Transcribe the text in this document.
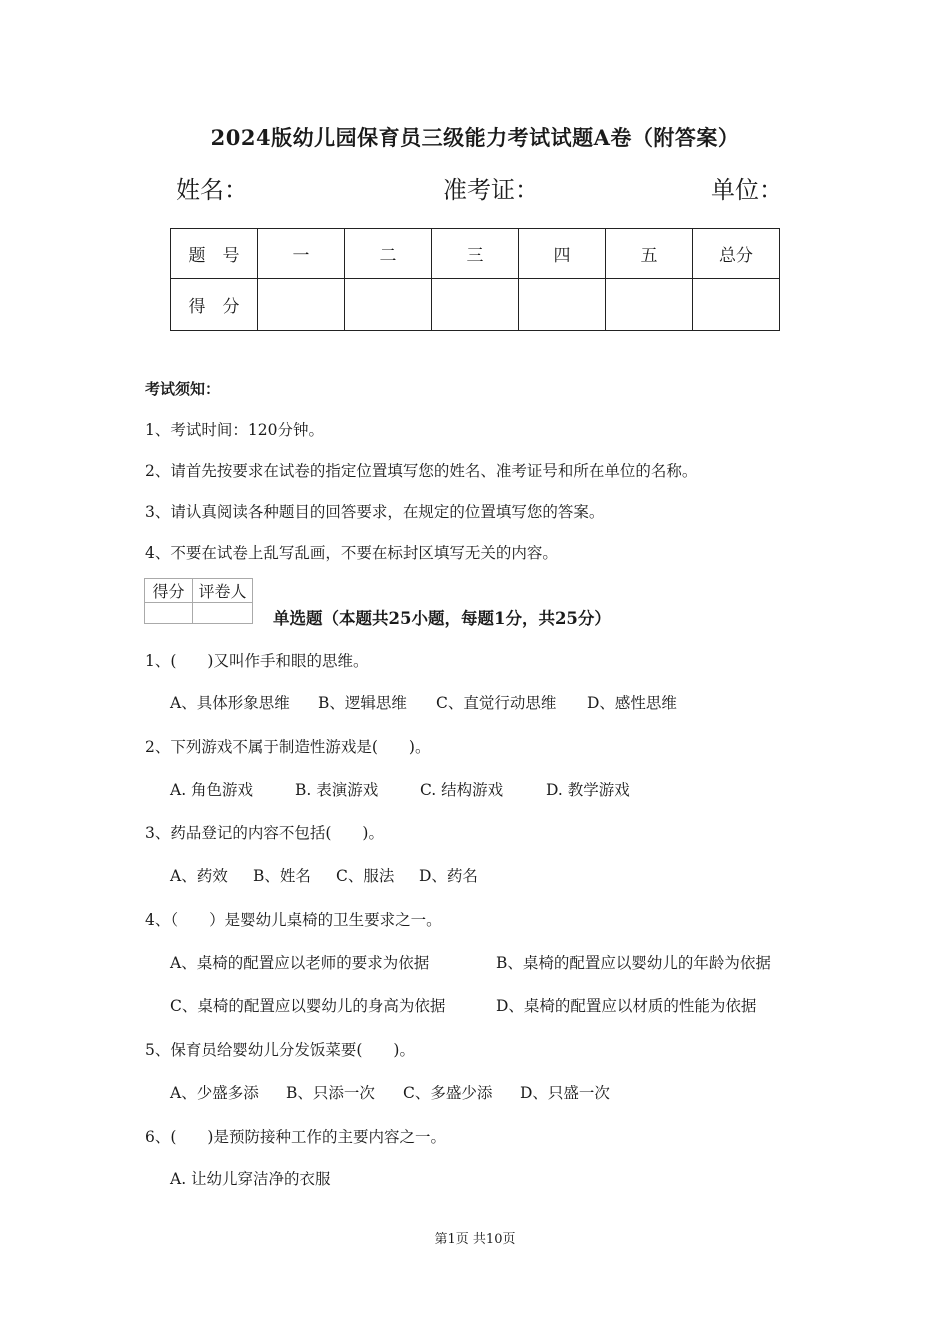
2024版幼儿园保育员三级能力考试试题A卷（附答案）
姓名：	准考证：	单位：
题　号	一	二	三	四	五	总分
得　分						
考试须知：
1、考试时间：120分钟。
2、请首先按要求在试卷的指定位置填写您的姓名、准考证号和所在单位的名称。
3、请认真阅读各种题目的回答要求，在规定的位置填写您的答案。
4、不要在试卷上乱写乱画，不要在标封区填写无关的内容。
得分	评卷人

单选题（本题共25小题，每题1分，共25分）
1、(　　)又叫作手和眼的思维。
A、具体形象思维 B、逻辑思维 C、直觉行动思维 D、感性思维
2、下列游戏不属于制造性游戏是(　　)。
A. 角色游戏	B. 表演游戏	C. 结构游戏	D. 教学游戏
3、药品登记的内容不包括(　　)。
A、药效 B、姓名 C、服法 D、药名
4、（　　）是婴幼儿桌椅的卫生要求之一。
A、桌椅的配置应以老师的要求为依据	B、桌椅的配置应以婴幼儿的年龄为依据
C、桌椅的配置应以婴幼儿的身高为依据	D、桌椅的配置应以材质的性能为依据
5、保育员给婴幼儿分发饭菜要(　　)。
A、少盛多添 B、只添一次 C、多盛少添 D、只盛一次
6、(　　)是预防接种工作的主要内容之一。
A. 让幼儿穿洁净的衣服
第1页 共10页
